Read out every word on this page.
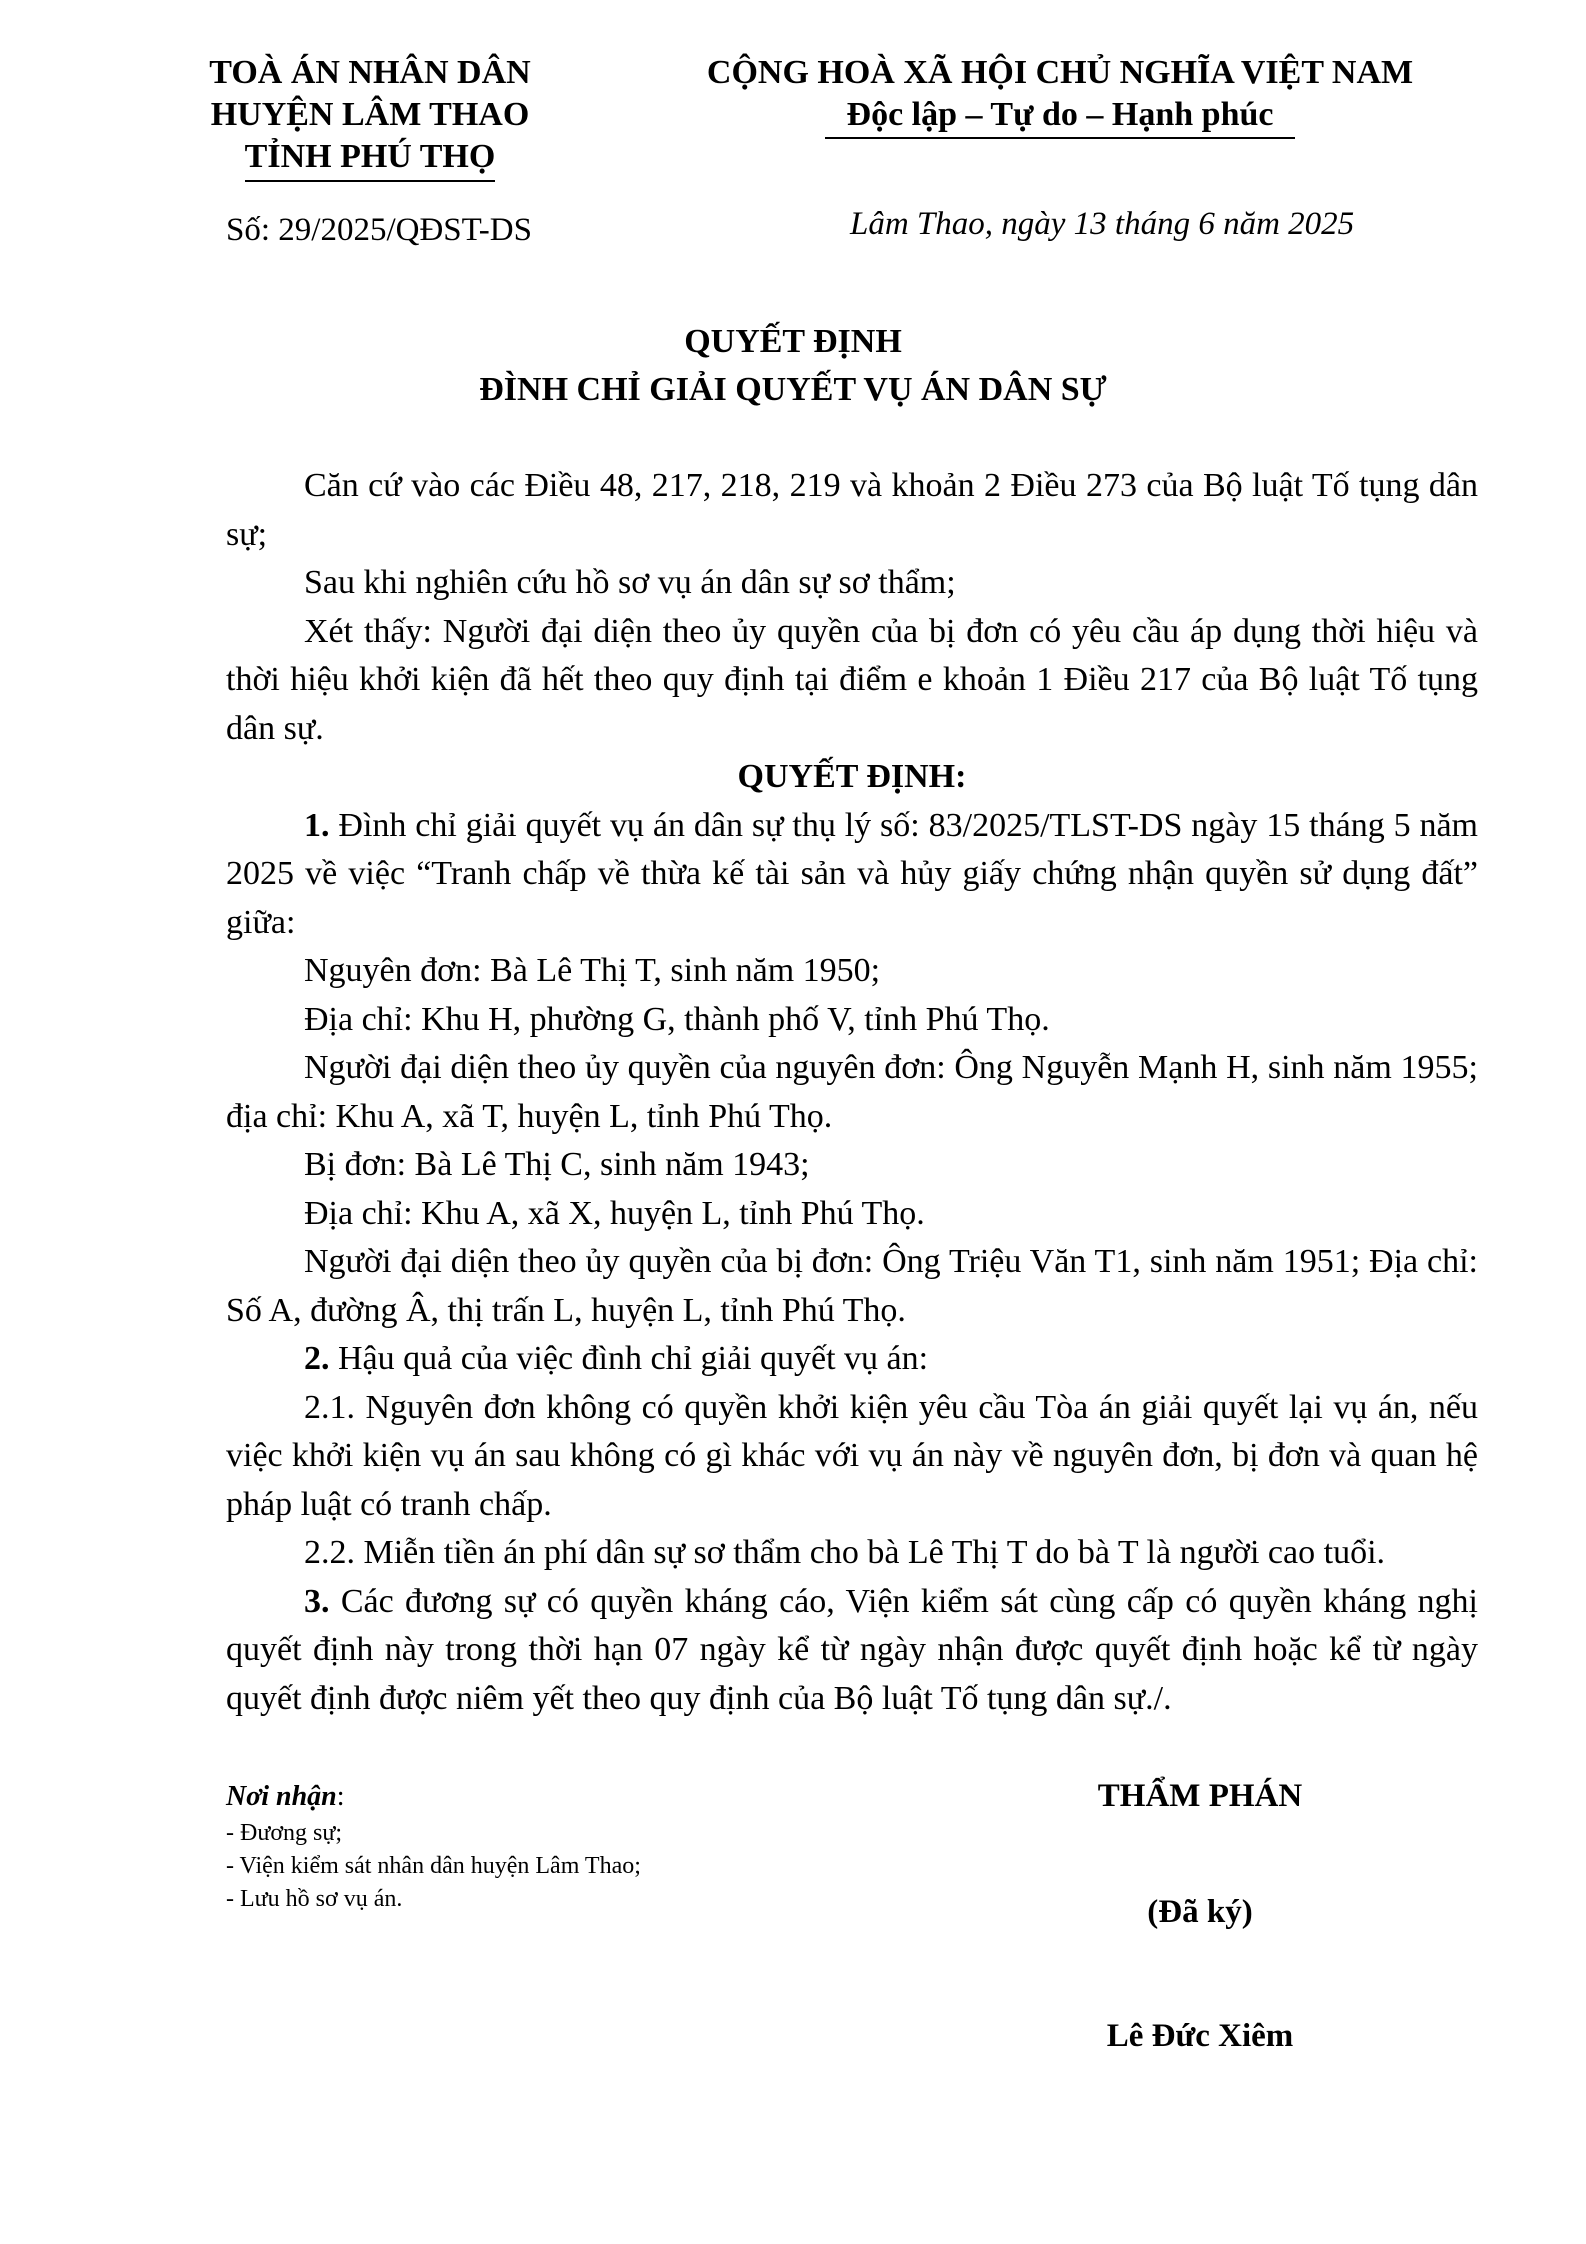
TOÀ ÁN NHÂN DÂN
HUYỆN LÂM THAO
TỈNH PHÚ THỌ
CỘNG HOÀ XÃ HỘI CHỦ NGHĨA VIỆT NAM
Độc lập – Tự do – Hạnh phúc
Số: 29/2025/QĐST-DS	Lâm Thao, ngày 13 tháng 6 năm 2025
QUYẾT ĐỊNH
ĐÌNH CHỈ GIẢI QUYẾT VỤ ÁN DÂN SỰ

Căn cứ vào các Điều 48, 217, 218, 219 và khoản 2 Điều 273 của Bộ luật Tố tụng dân sự;

Sau khi nghiên cứu hồ sơ vụ án dân sự sơ thẩm;

Xét thấy: Người đại diện theo ủy quyền của bị đơn có yêu cầu áp dụng thời hiệu và thời hiệu khởi kiện đã hết theo quy định tại điểm e khoản 1 Điều 217 của Bộ luật Tố tụng dân sự.

QUYẾT ĐỊNH:

1. Đình chỉ giải quyết vụ án dân sự thụ lý số: 83/2025/TLST-DS ngày 15 tháng 5 năm 2025 về việc “Tranh chấp về thừa kế tài sản và hủy giấy chứng nhận quyền sử dụng đất” giữa:

Nguyên đơn: Bà Lê Thị T, sinh năm 1950;

Địa chỉ: Khu H, phường G, thành phố V, tỉnh Phú Thọ.

Người đại diện theo ủy quyền của nguyên đơn: Ông Nguyễn Mạnh H, sinh năm 1955; địa chỉ: Khu A, xã T, huyện L, tỉnh Phú Thọ.

Bị đơn: Bà Lê Thị C, sinh năm 1943;

Địa chỉ: Khu A, xã X, huyện L, tỉnh Phú Thọ.

Người đại diện theo ủy quyền của bị đơn: Ông Triệu Văn T1, sinh năm 1951; Địa chỉ: Số A, đường Â, thị trấn L, huyện L, tỉnh Phú Thọ.

2. Hậu quả của việc đình chỉ giải quyết vụ án:

2.1. Nguyên đơn không có quyền khởi kiện yêu cầu Tòa án giải quyết lại vụ án, nếu việc khởi kiện vụ án sau không có gì khác với vụ án này về nguyên đơn, bị đơn và quan hệ pháp luật có tranh chấp.

2.2. Miễn tiền án phí dân sự sơ thẩm cho bà Lê Thị T do bà T là người cao tuổi.

3. Các đương sự có quyền kháng cáo, Viện kiểm sát cùng cấp có quyền kháng nghị quyết định này trong thời hạn 07 ngày kể từ ngày nhận được quyết định hoặc kể từ ngày quyết định được niêm yết theo quy định của Bộ luật Tố tụng dân sự./.

Nơi nhận:
- Đương sự;
- Viện kiểm sát nhân dân huyện Lâm Thao;
- Lưu hồ sơ vụ án.
THẨM PHÁN
(Đã ký)
Lê Đức Xiêm
